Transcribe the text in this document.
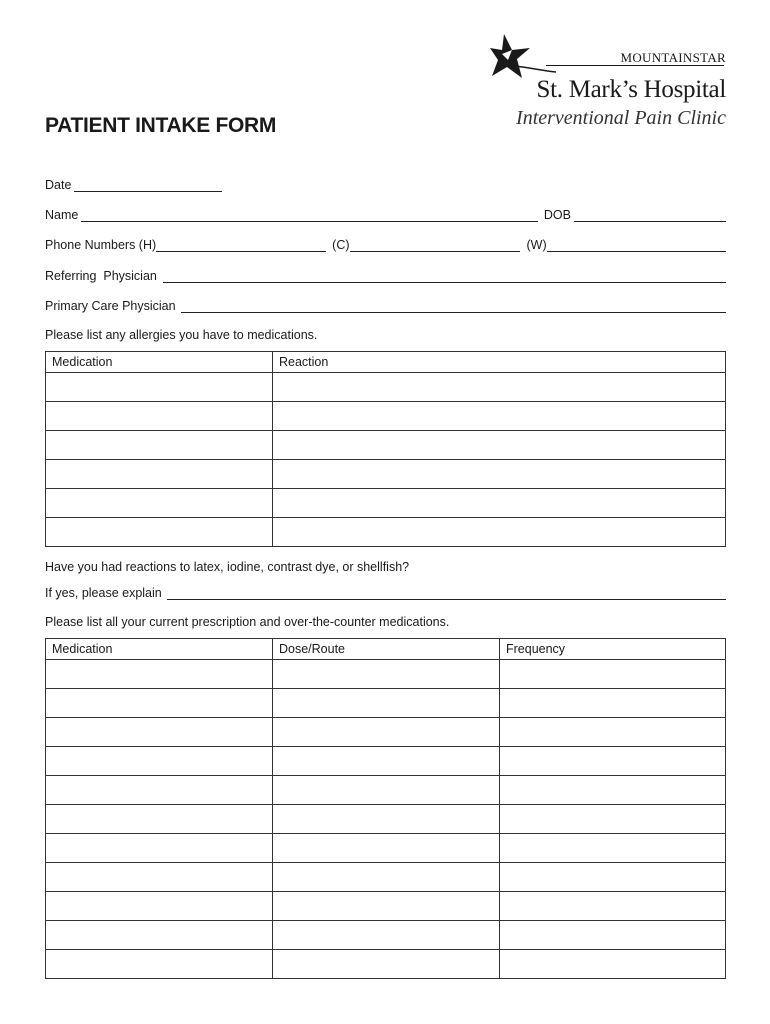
MOUNTAINSTAR
St. Mark’s Hospital
Interventional Pain Clinic
PATIENT INTAKE FORM
Date
Name	DOB
Phone Numbers (H)	(C)	(W)
Referring  Physician
Primary Care Physician
Please list any allergies you have to medications.
Medication	Reaction

Have you had reactions to latex, iodine, contrast dye, or shellfish?
If yes, please explain
Please list all your current prescription and over-the-counter medications.
Medication	Dose/Route	Frequency
